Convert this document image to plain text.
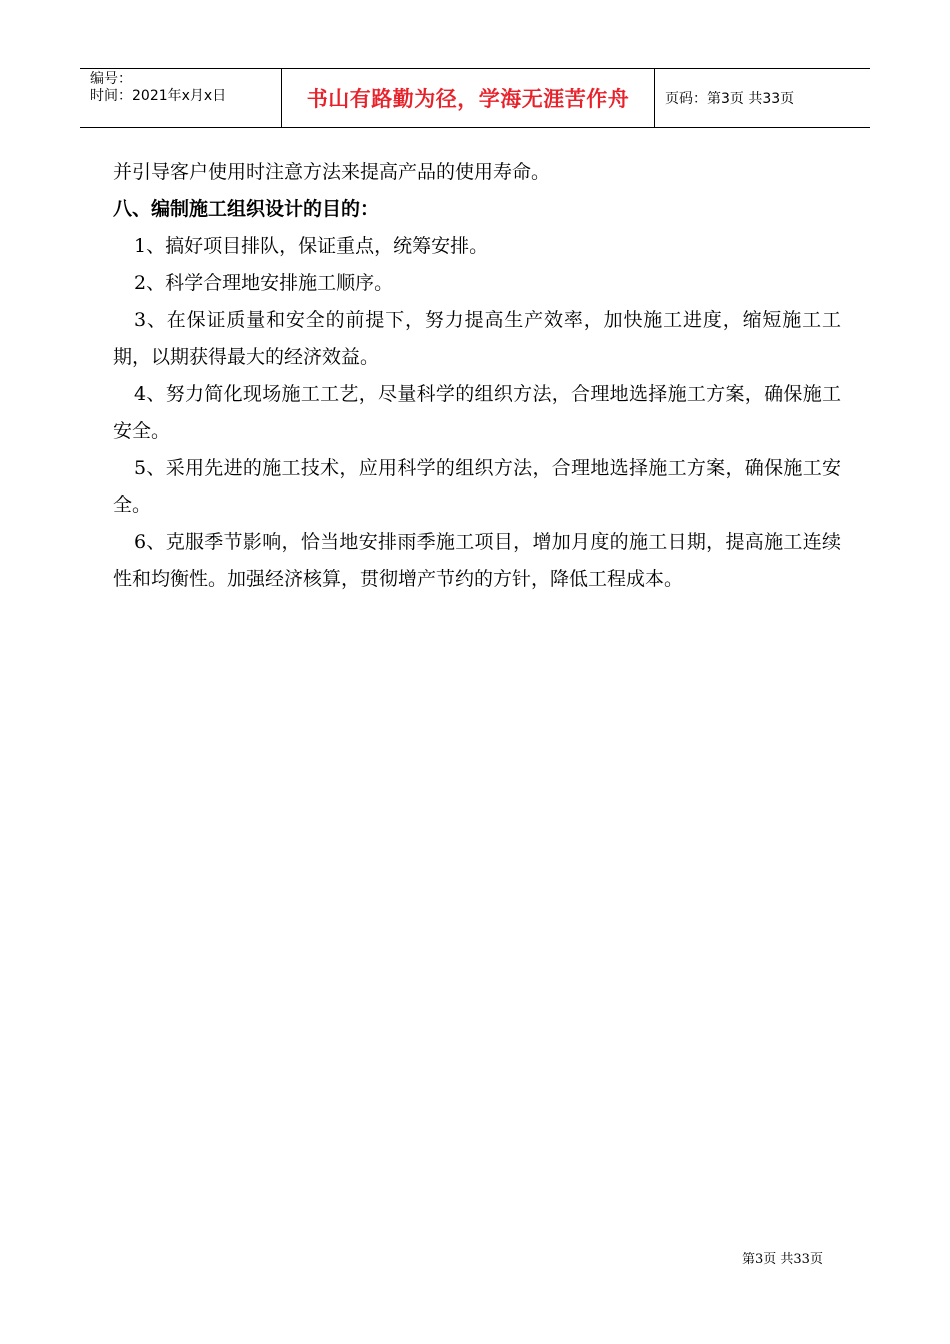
编号：
时间：2021年x月x日	书山有路勤为径，学海无涯苦作舟	页码：第3页 共33页

并引导客户使用时注意方法来提高产品的使用寿命。

八、编制施工组织设计的目的：

1、搞好项目排队，保证重点，统筹安排。

2、科学合理地安排施工顺序。

3、在保证质量和安全的前提下，努力提高生产效率，加快施工进度，缩短施工工期，以期获得最大的经济效益。

4、努力简化现场施工工艺，尽量科学的组织方法，合理地选择施工方案，确保施工安全。

5、采用先进的施工技术，应用科学的组织方法，合理地选择施工方案，确保施工安全。

6、克服季节影响，恰当地安排雨季施工项目，增加月度的施工日期，提高施工连续性和均衡性。加强经济核算，贯彻增产节约的方针，降低工程成本。

第3页 共33页
